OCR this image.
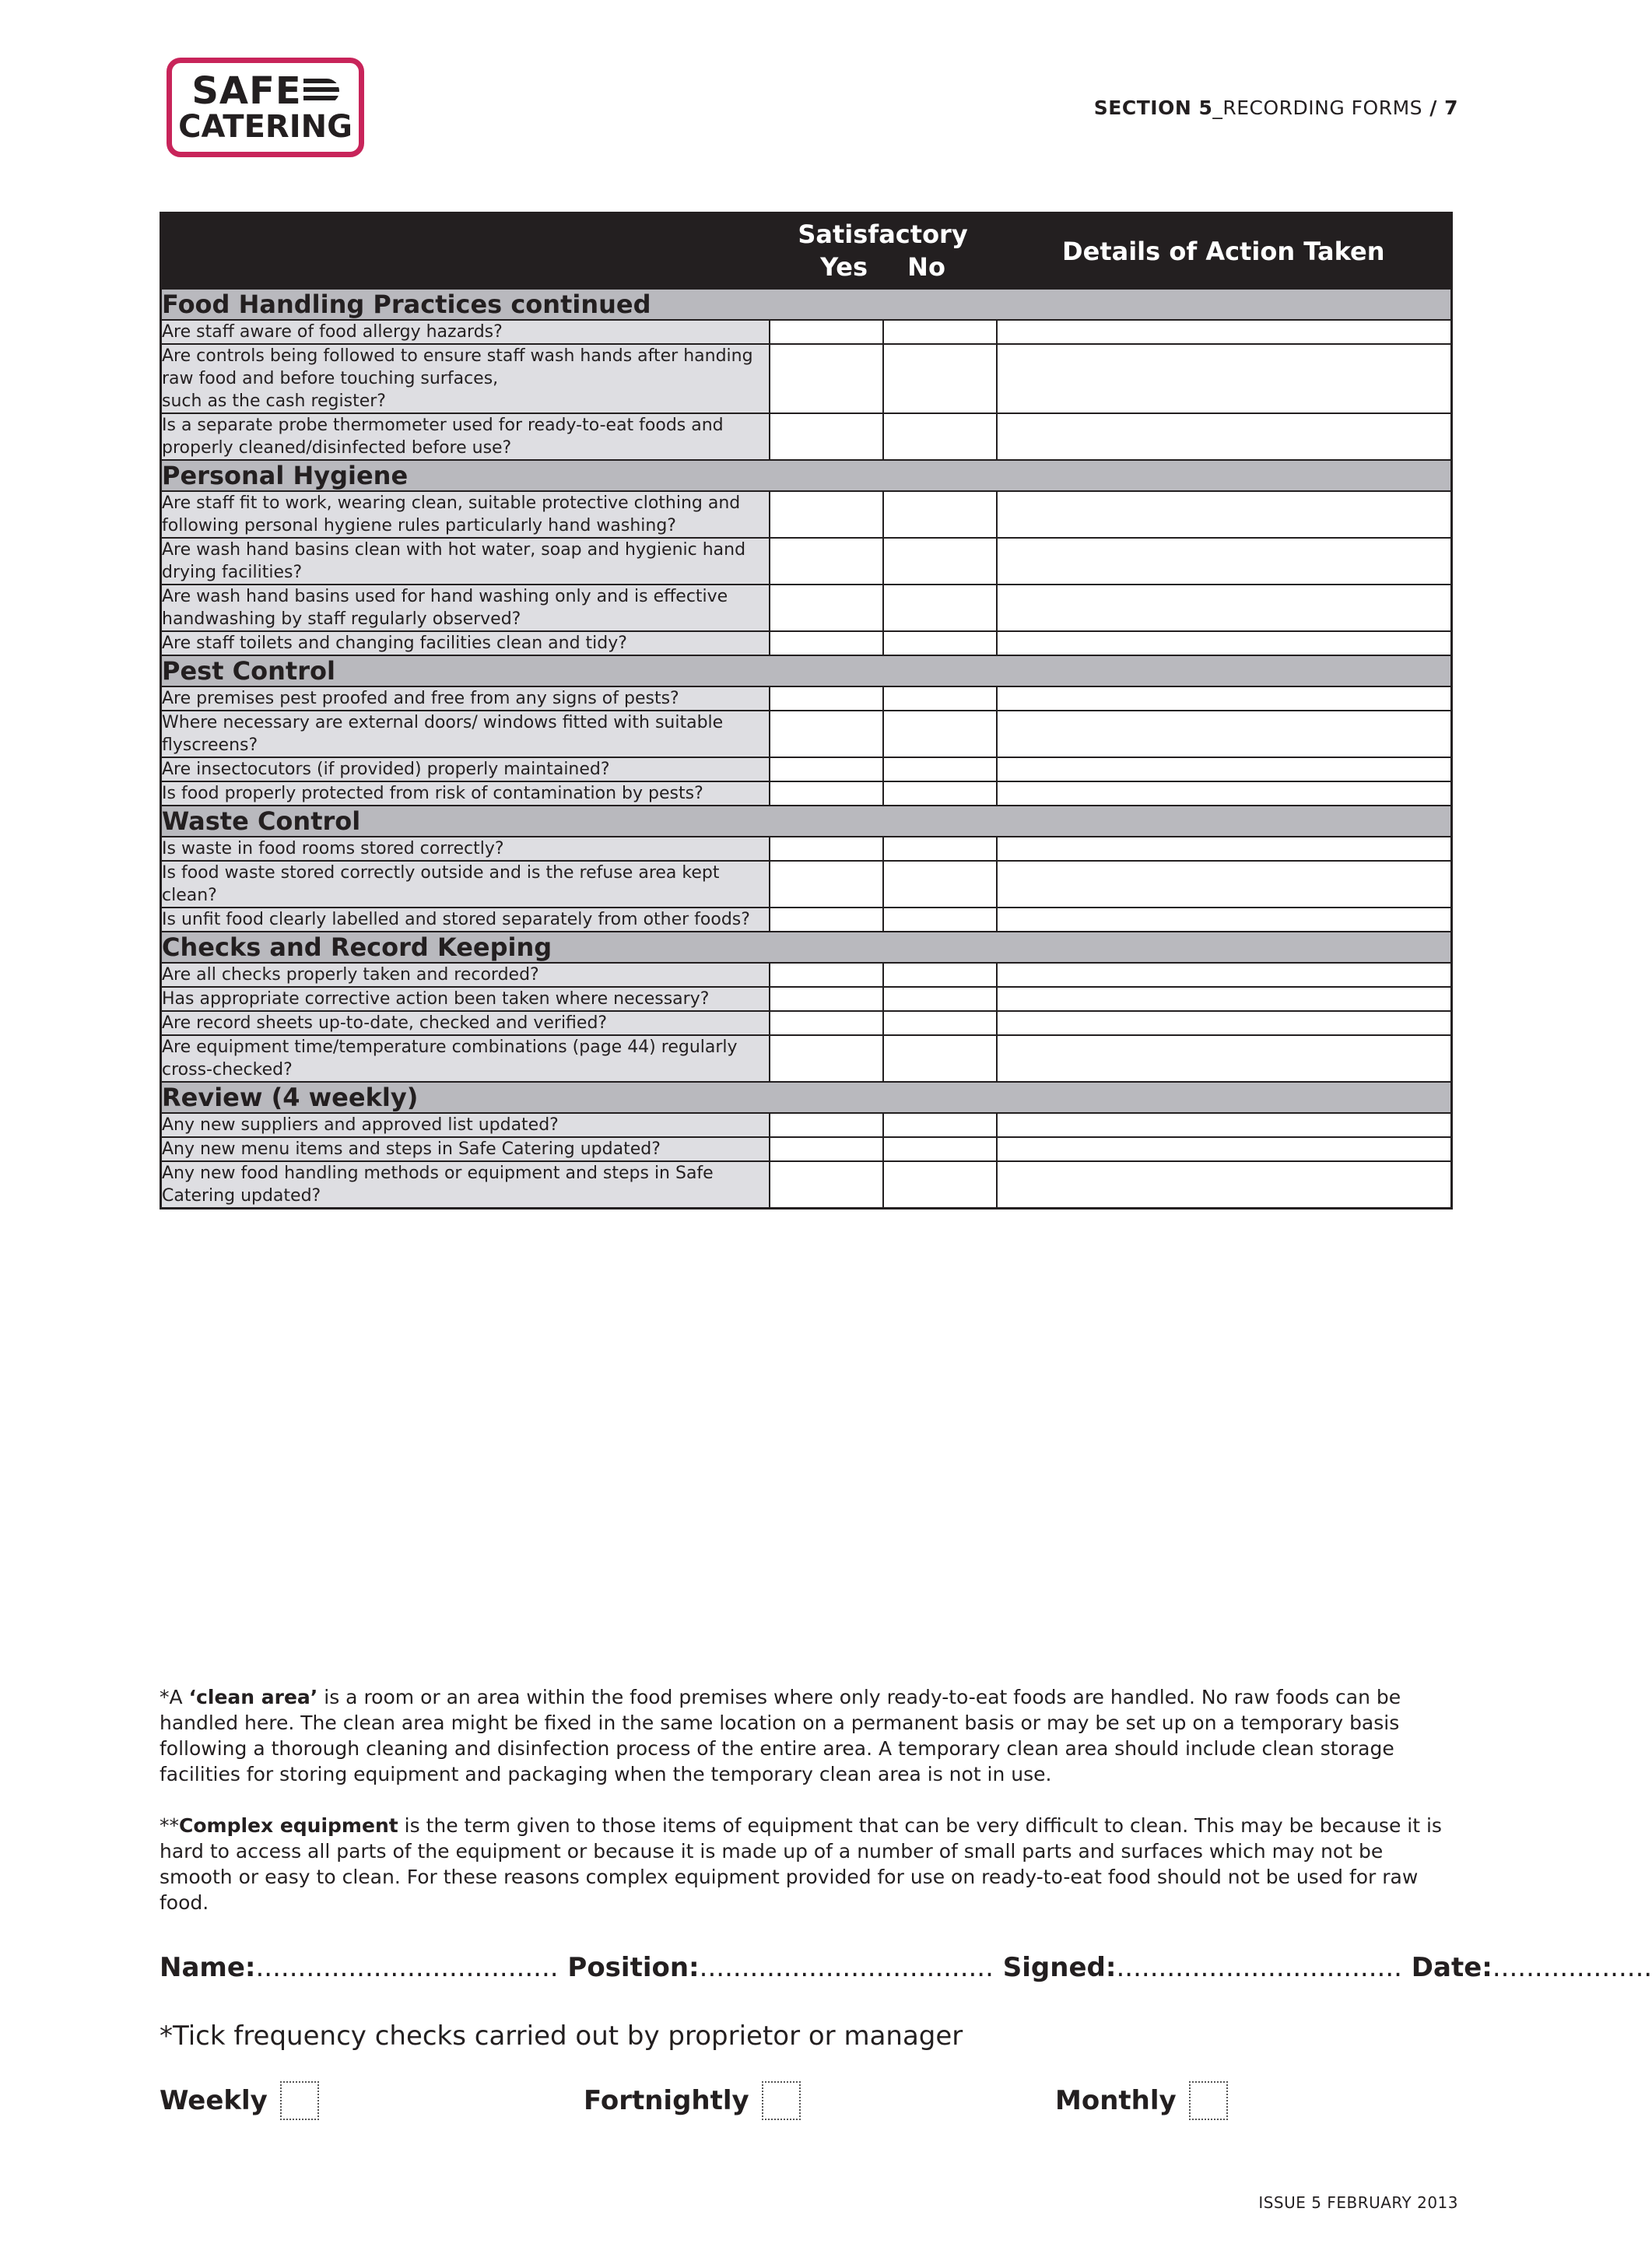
SAFE
CATERING
SECTION 5_RECORDING FORMS / 7

	Satisfactory
Yes No		Details of Action Taken
Food Handling Practices continued			
Are staff aware of food allergy hazards?			
Are controls being followed to ensure staff wash hands after handing
raw food and before touching surfaces,
such as the cash register?			
Is a separate probe thermometer used for ready-to-eat foods and
properly cleaned/disinfected before use?			
Personal Hygiene			
Are staff fit to work, wearing clean, suitable protective clothing and
following personal hygiene rules particularly hand washing?			
Are wash hand basins clean with hot water, soap and hygienic hand
drying facilities?			
Are wash hand basins used for hand washing only and is effective
handwashing by staff regularly observed?			
Are staff toilets and changing facilities clean and tidy?			
Pest Control			
Are premises pest proofed and free from any signs of pests?			
Where necessary are external doors/ windows fitted with suitable
flyscreens?			
Are insectocutors (if provided) properly maintained?			
Is food properly protected from risk of contamination by pests?			
Waste Control			
Is waste in food rooms stored correctly?			
Is food waste stored correctly outside and is the refuse area kept clean?			
Is unfit food clearly labelled and stored separately from other foods?			
Checks and Record Keeping			
Are all checks properly taken and recorded?			
Has appropriate corrective action been taken where necessary?			
Are record sheets up-to-date, checked and verified?			
Are equipment time/temperature combinations (page 44) regularly
cross-checked?			
Review (4 weekly)			
Any new suppliers and approved list updated?			
Any new menu items and steps in Safe Catering updated?			
Any new food handling methods or equipment and steps in Safe
Catering updated?			

*A ‘clean area’ is a room or an area within the food premises where only ready-to-eat foods are handled. No raw foods can be handled here. The clean area might be fixed in the same location on a permanent basis or may be set up on a temporary basis following a thorough cleaning and disinfection process of the entire area. A temporary clean area should include clean storage facilities for storing equipment and packaging when the temporary clean area is not in use.

**Complex equipment is the term given to those items of equipment that can be very difficult to clean. This may be because it is hard to access all parts of the equipment or because it is made up of a number of small parts and surfaces which may not be smooth or easy to clean. For these reasons complex equipment provided for use on ready-to-eat food should not be used for raw food.

Name:.................................... Position:................................... Signed:.................................. Date:...................
*Tick frequency checks carried out by proprietor or manager
Weekly	Fortnightly	Monthly
ISSUE 5 FEBRUARY 2013
